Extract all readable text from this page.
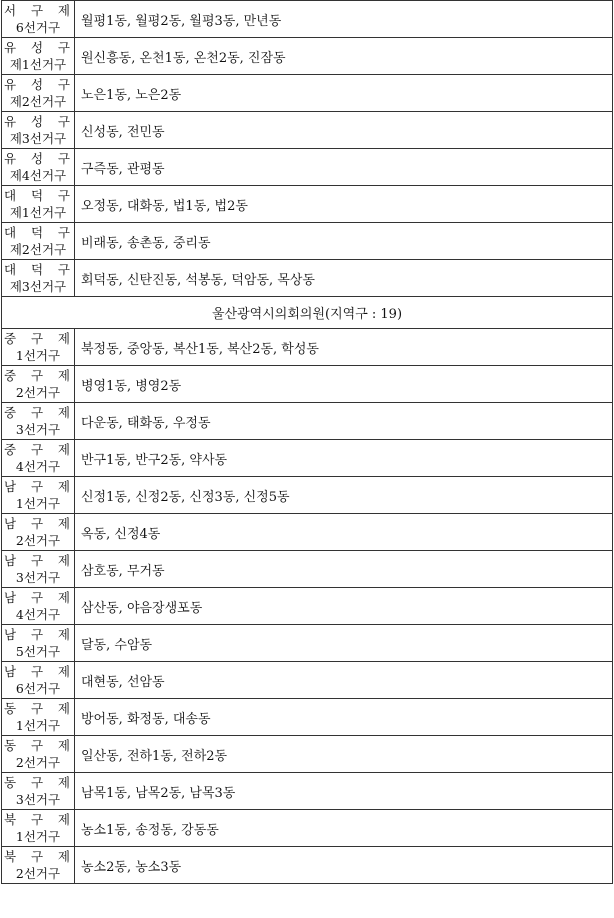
서 구 제
6선거구	월평1동, 월평2동, 월평3동, 만년동

유 성 구
제1선거구	원신흥동, 온천1동, 온천2동, 진잠동

유 성 구
제2선거구	노은1동, 노은2동

유 성 구
제3선거구	신성동, 전민동

유 성 구
제4선거구	구즉동, 관평동

대 덕 구
제1선거구	오정동, 대화동, 법1동, 법2동

대 덕 구
제2선거구	비래동, 송촌동, 중리동

대 덕 구
제3선거구	회덕동, 신탄진동, 석봉동, 덕암동, 목상동
울산광역시의회의원(지역구 : 19)	

중 구 제
1선거구	북정동, 중앙동, 복산1동, 복산2동, 학성동

중 구 제
2선거구	병영1동, 병영2동

중 구 제
3선거구	다운동, 태화동, 우정동

중 구 제
4선거구	반구1동, 반구2동, 약사동

남 구 제
1선거구	신정1동, 신정2동, 신정3동, 신정5동

남 구 제
2선거구	옥동, 신정4동

남 구 제
3선거구	삼호동, 무거동

남 구 제
4선거구	삼산동, 야음장생포동

남 구 제
5선거구	달동, 수암동

남 구 제
6선거구	대현동, 선암동

동 구 제
1선거구	방어동, 화정동, 대송동

동 구 제
2선거구	일산동, 전하1동, 전하2동

동 구 제
3선거구	남목1동, 남목2동, 남목3동

북 구 제
1선거구	농소1동, 송정동, 강동동

북 구 제
2선거구	농소2동, 농소3동
